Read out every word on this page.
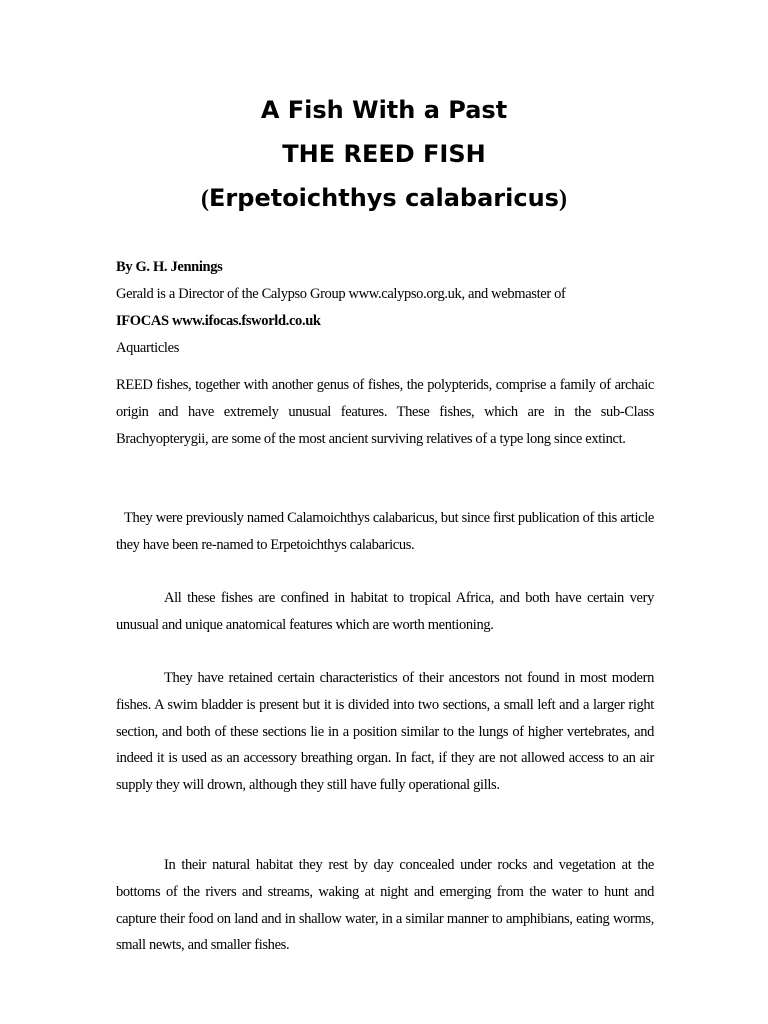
A Fish With a Past
THE REED FISH
(Erpetoichthys calabaricus)
By G. H. Jennings
Gerald is a Director of the Calypso Group www.calypso.org.uk, and webmaster of
IFOCAS www.ifocas.fsworld.co.uk
Aquarticles

REED fishes, together with another genus of fishes, the polypterids, comprise a family of archaic origin and have extremely unusual features. These fishes, which are in the sub-Class Brachyopterygii, are some of the most ancient surviving relatives of a type long since extinct.

They were previously named Calamoichthys calabaricus, but since first publication of this article they have been re-named to Erpetoichthys calabaricus.

All these fishes are confined in habitat to tropical Africa, and both have certain very unusual and unique anatomical features which are worth mentioning.

They have retained certain characteristics of their ancestors not found in most modern fishes. A swim bladder is present but it is divided into two sections, a small left and a larger right section, and both of these sections lie in a position similar to the lungs of higher vertebrates, and indeed it is used as an accessory breathing organ. In fact, if they are not allowed access to an air supply they will drown, although they still have fully operational gills.

In their natural habitat they rest by day concealed under rocks and vegetation at the bottoms of the rivers and streams, waking at night and emerging from the water to hunt and capture their food on land and in shallow water, in a similar manner to amphibians, eating worms, small newts, and smaller fishes.
